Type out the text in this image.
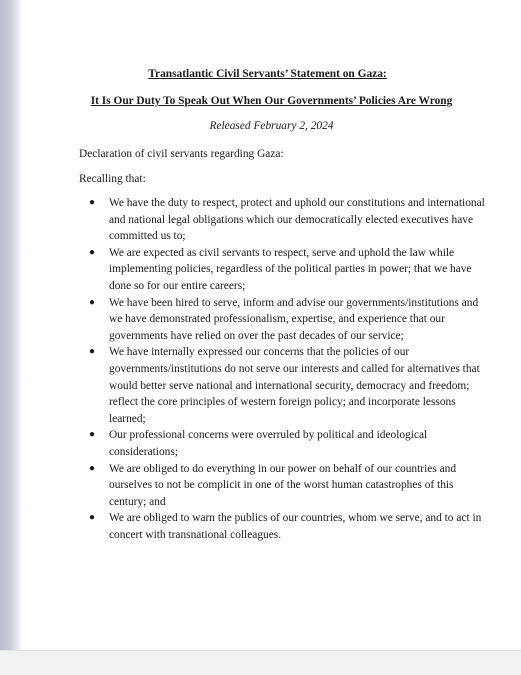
Transatlantic Civil Servants’ Statement on Gaza:
It Is Our Duty To Speak Out When Our Governments’ Policies Are Wrong
Released February 2, 2024
Declaration of civil servants regarding Gaza:
Recalling that:
● We have the duty to respect, protect and uphold our constitutions and international and national legal obligations which our democratically elected executives have committed us to;
● We are expected as civil servants to respect, serve and uphold the law while implementing policies, regardless of the political parties in power; that we have done so for our entire careers;
● We have been hired to serve, inform and advise our governments/institutions and we have demonstrated professionalism, expertise, and experience that our governments have relied on over the past decades of our service;
● We have internally expressed our concerns that the policies of our governments/institutions do not serve our interests and called for alternatives that would better serve national and international security, democracy and freedom; reflect the core principles of western foreign policy; and incorporate lessons learned;
● Our professional concerns were overruled by political and ideological considerations;
● We are obliged to do everything in our power on behalf of our countries and ourselves to not be complicit in one of the worst human catastrophes of this century; and
● We are obliged to warn the publics of our countries, whom we serve, and to act in concert with transnational colleagues.
